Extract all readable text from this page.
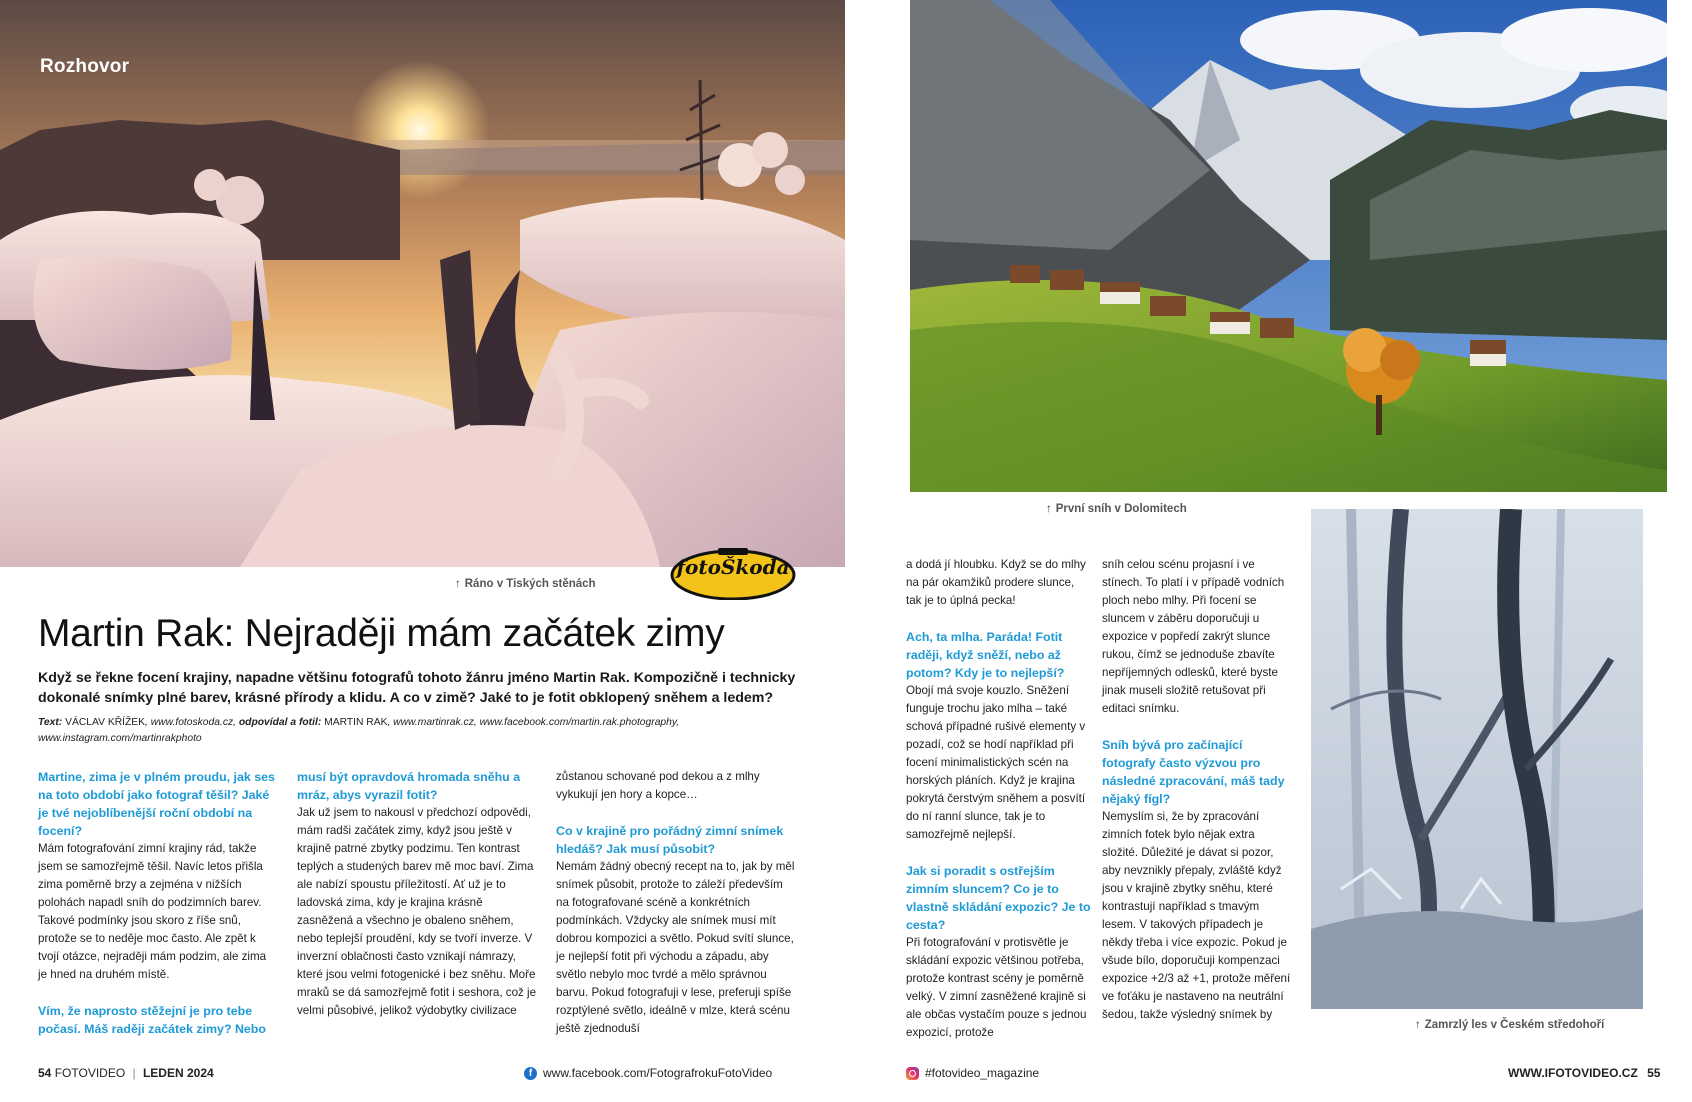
Rozhovor
↑ Ráno v Tiských stěnách
↑ První sníh v Dolomitech
↑ Zamrzlý les v Českém středohoří
fotoŠkoda
Martin Rak: Nejraději mám začátek zimy

Když se řekne focení krajiny, napadne většinu fotografů tohoto žánru jméno Martin Rak. Kompozičně i technicky dokonalé snímky plné barev, krásné přírody a klidu. A co v zimě? Jaké to je fotit obklopený sněhem a ledem?

Text: VÁCLAV KŘÍŽEK, www.fotoskoda.cz, odpovídal a fotil: MARTIN RAK, www.martinrak.cz, www.facebook.com/martin.rak.photography,
www.instagram.com/martinrakphoto

Martine, zima je v plném proudu, jak ses na toto období jako fotograf těšil? Jaké je tvé nejoblíbenější roční období na focení?

Mám fotografování zimní krajiny rád, takže jsem se samozřejmě těšil. Navíc letos přišla zima poměrně brzy a zejména v nižších polohách napadl sníh do podzimních barev. Takové podmínky jsou skoro z říše snů, protože se to neděje moc často. Ale zpět k tvojí otázce, nejraději mám podzim, ale zima je hned na druhém místě.

Vím, že naprosto stěžejní je pro tebe počasí. Máš raději začátek zimy? Nebo

musí být opravdová hromada sněhu a mráz, abys vyrazil fotit?

Jak už jsem to nakousl v předchozí odpovědi, mám radši začátek zimy, když jsou ještě v krajině patrné zbytky podzimu. Ten kontrast teplých a studených barev mě moc baví. Zima ale nabízí spoustu příležitostí. Ať už je to ladovská zima, kdy je krajina krásně zasněžená a všechno je obaleno sněhem, nebo teplejší proudění, kdy se tvoří inverze. V inverzní oblačnosti často vznikají námrazy, které jsou velmi fotogenické i bez sněhu. Moře mraků se dá samozřejmě fotit i seshora, což je velmi působivé, jelikož výdobytky civilizace

zůstanou schované pod dekou a z mlhy vykukují jen hory a kopce…

Co v krajině pro pořádný zimní snímek hledáš? Jak musí působit?

Nemám žádný obecný recept na to, jak by měl snímek působit, protože to záleží především na fotografované scéně a konkrétních podmínkách. Vždycky ale snímek musí mít dobrou kompozici a světlo. Pokud svítí slunce, je nejlepší fotit při východu a západu, aby světlo nebylo moc tvrdé a mělo správnou barvu. Pokud fotografuji v lese, preferuji spíše rozptýlené světlo, ideálně v mlze, která scénu ještě zjednoduší

a dodá jí hloubku. Když se do mlhy na pár okamžiků prodere slunce, tak je to úplná pecka!

Ach, ta mlha. Paráda! Fotit raději, když sněží, nebo až potom? Kdy je to nejlepší?

Obojí má svoje kouzlo. Sněžení funguje trochu jako mlha – také schová případné rušivé elementy v pozadí, což se hodí například při focení minimalistických scén na horských pláních. Když je krajina pokrytá čerstvým sněhem a posvítí do ní ranní slunce, tak je to samozřejmě nejlepší.

Jak si poradit s ostřejším zimním sluncem? Co je to vlastně skládání expozic? Je to cesta?

Při fotografování v protisvětle je skládání expozic většinou potřeba, protože kontrast scény je poměrně velký. V zimní zasněžené krajině si ale občas vystačím pouze s jednou expozicí, protože

sníh celou scénu projasní i ve stínech. To platí i v případě vodních ploch nebo mlhy. Při focení se sluncem v záběru doporučuji u expozice v popředí zakrýt slunce rukou, čímž se jednoduše zbavíte nepříjemných odlesků, které byste jinak museli složitě retušovat při editaci snímku.

Sníh bývá pro začínající fotografy často výzvou pro následné zpracování, máš tady nějaký fígl?

Nemyslím si, že by zpracování zimních fotek bylo nějak extra složité. Důležité je dávat si pozor, aby nevznikly přepaly, zvláště když jsou v krajině zbytky sněhu, které kontrastují například s tmavým lesem. V takových případech je někdy třeba i více expozic. Pokud je všude bílo, doporučuji kompenzaci expozice +2/3 až +1, protože měření ve foťáku je nastaveno na neutrální šedou, takže výsledný snímek by

54 FOTOVIDEO | LEDEN 2024	f www.facebook.com/FotografrokuFotoVideo	#fotovideo_magazine	WWW.IFOTOVIDEO.CZ 55
